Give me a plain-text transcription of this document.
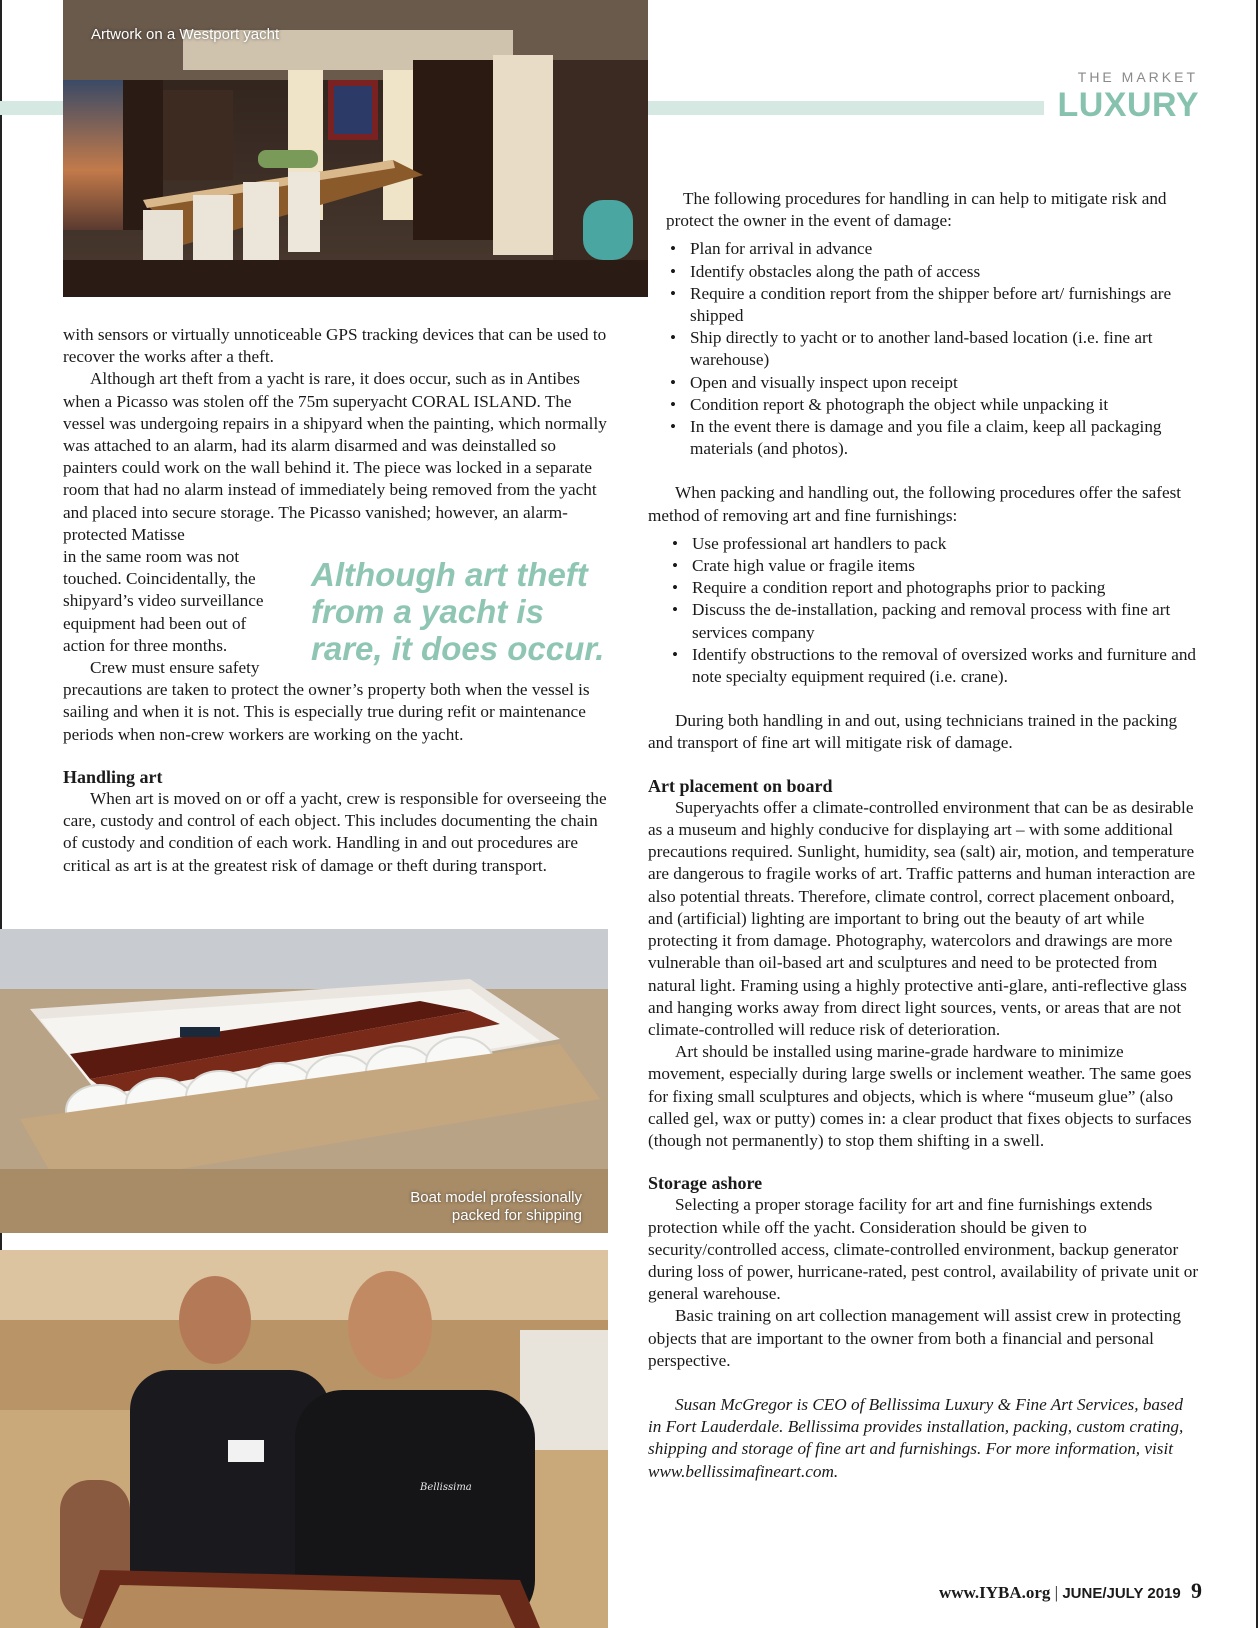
THE MARKET
LUXURY
Artwork on a Westport yacht
Boat model professionally
packed for shipping
Bellissima
Although art theft from a yacht is rare, it does occur.

with sensors or virtually unnoticeable GPS tracking devices that can be used to recover the works after a theft.

Although art theft from a yacht is rare, it does occur, such as in Antibes when a Picasso was stolen off the 75m superyacht CORAL ISLAND. The vessel was undergoing repairs in a shipyard when the painting, which normally was attached to an alarm, had its alarm disarmed and was deinstalled so painters could work on the wall behind it. The piece was locked in a separate room that had no alarm instead of immediately being removed from the yacht and placed into secure storage. The Picasso vanished; however, an alarm-protected Matisse

in the same room was not touched. Coincidentally, the shipyard’s video surveillance equipment had been out of action for three months.

Crew must ensure safety

precautions are taken to protect the owner’s property both when the vessel is sailing and when it is not. This is especially true during refit or maintenance periods when non-crew workers are working on the yacht.

Handling art

When art is moved on or off a yacht, crew is responsible for overseeing the care, custody and control of each object. This includes documenting the chain of custody and condition of each work. Handling in and out procedures are critical as art is at the greatest risk of damage or theft during transport.

The following procedures for handling in can help to mitigate risk and protect the owner in the event of damage:

• Plan for arrival in advance
• Identify obstacles along the path of access
• Require a condition report from the shipper before art/ furnishings are shipped
• Ship directly to yacht or to another land-based location (i.e. fine art warehouse)
• Open and visually inspect upon receipt
• Condition report & photograph the object while unpacking it
• In the event there is damage and you file a claim, keep all packaging materials (and photos).

When packing and handling out, the following procedures offer the safest method of removing art and fine furnishings:

• Use professional art handlers to pack
• Crate high value or fragile items
• Require a condition report and photographs prior to packing
• Discuss the de-installation, packing and removal process with fine art services company
• Identify obstructions to the removal of oversized works and furniture and note specialty equipment required (i.e. crane).

During both handling in and out, using technicians trained in the packing and transport of fine art will mitigate risk of damage.

Art placement on board

Superyachts offer a climate-controlled environment that can be as desirable as a museum and highly conducive for displaying art – with some additional precautions required. Sunlight, humidity, sea (salt) air, motion, and temperature are dangerous to fragile works of art. Traffic patterns and human interaction are also potential threats. Therefore, climate control, correct placement onboard, and (artificial) lighting are important to bring out the beauty of art while protecting it from damage. Photography, watercolors and drawings are more vulnerable than oil-based art and sculptures and need to be protected from natural light. Framing using a highly protective anti-glare, anti-reflective glass and hanging works away from direct light sources, vents, or areas that are not climate-controlled will reduce risk of deterioration.

Art should be installed using marine-grade hardware to minimize movement, especially during large swells or inclement weather. The same goes for fixing small sculptures and objects, which is where “museum glue” (also called gel, wax or putty) comes in: a clear product that fixes objects to surfaces (though not permanently) to stop them shifting in a swell.

Storage ashore

Selecting a proper storage facility for art and fine furnishings extends protection while off the yacht. Consideration should be given to security/controlled access, climate-controlled environment, backup generator during loss of power, hurricane-rated, pest control, availability of private unit or general warehouse.

Basic training on art collection management will assist crew in protecting objects that are important to the owner from both a financial and personal perspective.

Susan McGregor is CEO of Bellissima Luxury & Fine Art Services, based in Fort Lauderdale. Bellissima provides installation, packing, custom crating, shipping and storage of fine art and furnishings. For more information, visit www.bellissimafineart.com.

www.IYBA.org | JUNE/JULY 2019 9
